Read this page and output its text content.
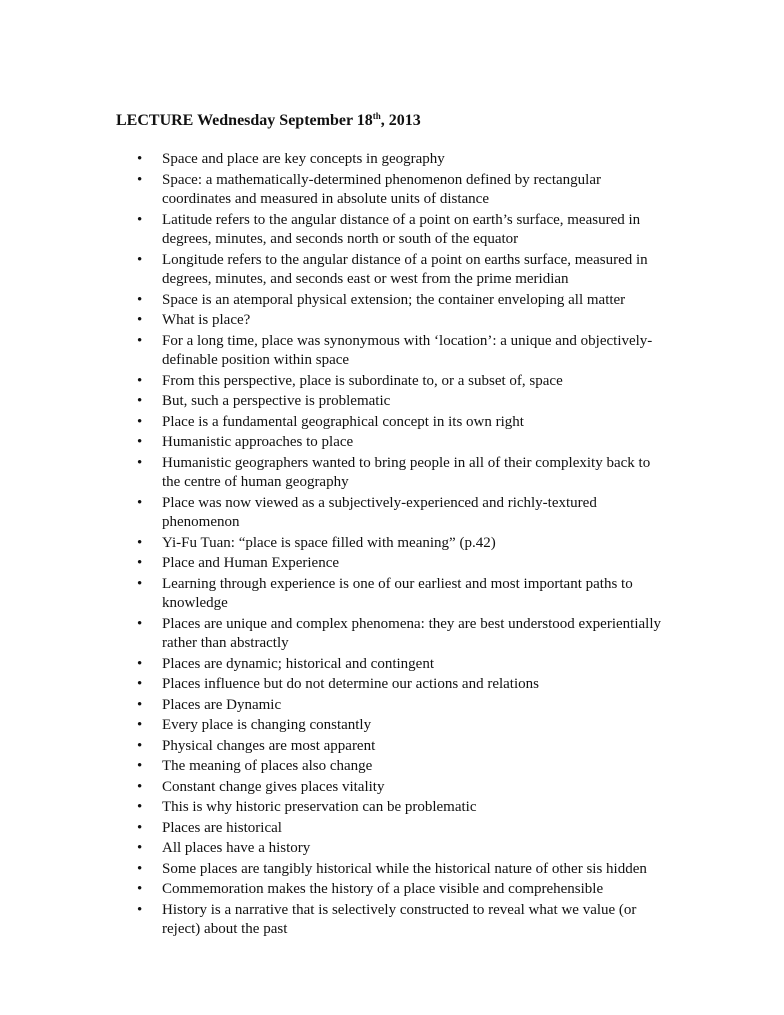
LECTURE Wednesday September 18th, 2013
• Space and place are key concepts in geography
• Space: a mathematically-determined phenomenon defined by rectangular coordinates and measured in absolute units of distance
• Latitude refers to the angular distance of a point on earth’s surface, measured in degrees, minutes, and seconds north or south of the equator
• Longitude refers to the angular distance of a point on earths surface, measured in degrees, minutes, and seconds east or west from the prime meridian
• Space is an atemporal physical extension; the container enveloping all matter
• What is place?
• For a long time, place was synonymous with ‘location’: a unique and objectively-definable position within space
• From this perspective, place is subordinate to, or a subset of, space
• But, such a perspective is problematic
• Place is a fundamental geographical concept in its own right
• Humanistic approaches to place
• Humanistic geographers wanted to bring people in all of their complexity back to the centre of human geography
• Place was now viewed as a subjectively-experienced and richly-textured phenomenon
• Yi-Fu Tuan: “place is space filled with meaning” (p.42)
• Place and Human Experience
• Learning through experience is one of our earliest and most important paths to knowledge
• Places are unique and complex phenomena: they are best understood experientially rather than abstractly
• Places are dynamic; historical and contingent
• Places influence but do not determine our actions and relations
• Places are Dynamic
• Every place is changing constantly
• Physical changes are most apparent
• The meaning of places also change
• Constant change gives places vitality
• This is why historic preservation can be problematic
• Places are historical
• All places have a history
• Some places are tangibly historical while the historical nature of other sis hidden
• Commemoration makes the history of a place visible and comprehensible
• History is a narrative that is selectively constructed to reveal what we value (or reject) about the past
